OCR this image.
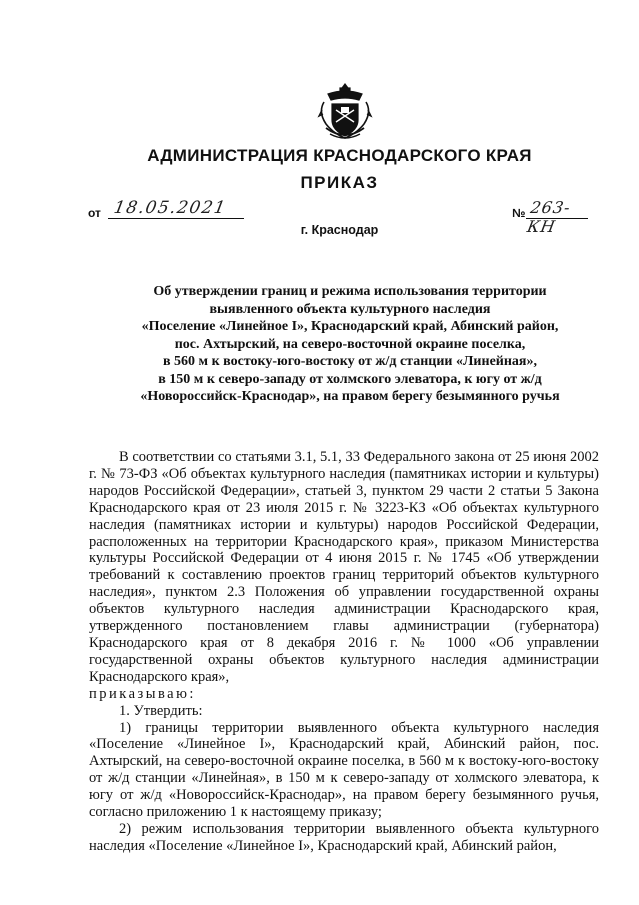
АДМИНИСТРАЦИЯ КРАСНОДАРСКОГО КРАЯ
ПРИКАЗ
от 18.05.2021	№ 263-КН
г. Краснодар
Об утверждении границ и режима использования территории
выявленного объекта культурного наследия
«Поселение «Линейное I», Краснодарский край, Абинский район,
пос. Ахтырский, на северо-восточной окраине поселка,
в 560 м к востоку-юго-востоку от ж/д станции «Линейная»,
в 150 м к северо-западу от холмского элеватора, к югу от ж/д
«Новороссийск-Краснодар», на правом берегу безымянного ручья

В соответствии со статьями 3.1, 5.1, 33 Федерального закона от 25 июня 2002 г. № 73-ФЗ «Об объектах культурного наследия (памятниках истории и культуры) народов Российской Федерации», статьей 3, пунктом 29 части 2 статьи 5 Закона Краснодарского края от 23 июля 2015 г. № 3223-КЗ «Об объектах культурного наследия (памятниках истории и культуры) народов Российской Федерации, расположенных на территории Краснодарского края», приказом Министерства культуры Российской Федерации от 4 июня 2015 г. № 1745 «Об утверждении требований к составлению проектов границ территорий объектов культурного наследия», пунктом 2.3 Положения об управлении государственной охраны объектов культурного наследия администрации Краснодарского края, утвержденного постановлением главы администрации (губернатора) Краснодарского края от 8 декабря 2016 г. № 1000 «Об управлении государственной охраны объектов культурного наследия администрации Краснодарского края»,

приказываю:

1. Утвердить:

1) границы территории выявленного объекта культурного наследия «Поселение «Линейное I», Краснодарский край, Абинский район, пос. Ахтырский, на северо-восточной окраине поселка, в 560 м к востоку-юго-востоку от ж/д станции «Линейная», в 150 м к северо-западу от холмского элеватора, к югу от ж/д «Новороссийск-Краснодар», на правом берегу безымянного ручья, согласно приложению 1 к настоящему приказу;

2) режим использования территории выявленного объекта культурного наследия «Поселение «Линейное I», Краснодарский край, Абинский район,
